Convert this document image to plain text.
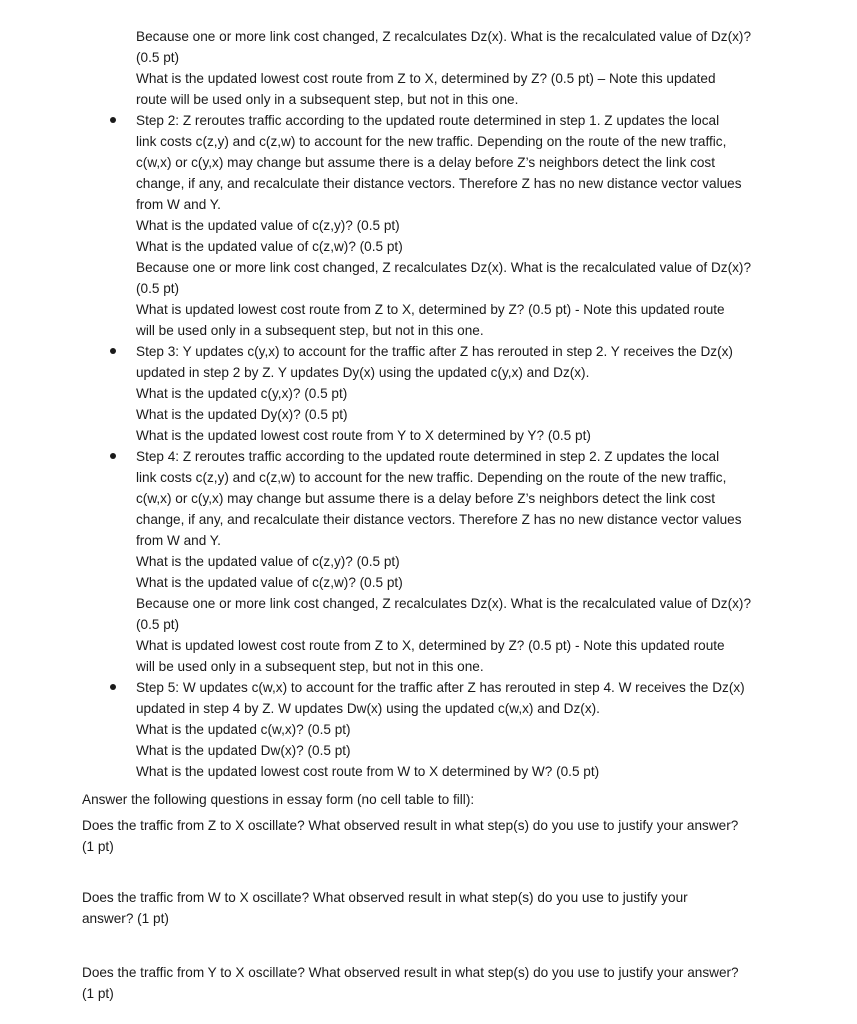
Because one or more link cost changed, Z recalculates Dz(x). What is the recalculated value of Dz(x)?

(0.5 pt)

What is the updated lowest cost route from Z to X, determined by Z? (0.5 pt) – Note this updated

route will be used only in a subsequent step, but not in this one.

Step 2: Z reroutes traffic according to the updated route determined in step 1. Z updates the local

link costs c(z,y) and c(z,w) to account for the new traffic. Depending on the route of the new traffic,

c(w,x) or c(y,x) may change but assume there is a delay before Z’s neighbors detect the link cost

change, if any, and recalculate their distance vectors. Therefore Z has no new distance vector values

from W and Y.

What is the updated value of c(z,y)? (0.5 pt)

What is the updated value of c(z,w)? (0.5 pt)

Because one or more link cost changed, Z recalculates Dz(x). What is the recalculated value of Dz(x)?

(0.5 pt)

What is updated lowest cost route from Z to X, determined by Z? (0.5 pt) - Note this updated route

will be used only in a subsequent step, but not in this one.

Step 3: Y updates c(y,x) to account for the traffic after Z has rerouted in step 2. Y receives the Dz(x)

updated in step 2 by Z. Y updates Dy(x) using the updated c(y,x) and Dz(x).

What is the updated c(y,x)? (0.5 pt)

What is the updated Dy(x)? (0.5 pt)

What is the updated lowest cost route from Y to X determined by Y? (0.5 pt)

Step 4: Z reroutes traffic according to the updated route determined in step 2. Z updates the local

link costs c(z,y) and c(z,w) to account for the new traffic. Depending on the route of the new traffic,

c(w,x) or c(y,x) may change but assume there is a delay before Z’s neighbors detect the link cost

change, if any, and recalculate their distance vectors. Therefore Z has no new distance vector values

from W and Y.

What is the updated value of c(z,y)? (0.5 pt)

What is the updated value of c(z,w)? (0.5 pt)

Because one or more link cost changed, Z recalculates Dz(x). What is the recalculated value of Dz(x)?

(0.5 pt)

What is updated lowest cost route from Z to X, determined by Z? (0.5 pt) - Note this updated route

will be used only in a subsequent step, but not in this one.

Step 5: W updates c(w,x) to account for the traffic after Z has rerouted in step 4. W receives the Dz(x)

updated in step 4 by Z. W updates Dw(x) using the updated c(w,x) and Dz(x).

What is the updated c(w,x)? (0.5 pt)

What is the updated Dw(x)? (0.5 pt)

What is the updated lowest cost route from W to X determined by W? (0.5 pt)

Answer the following questions in essay form (no cell table to fill):

Does the traffic from Z to X oscillate? What observed result in what step(s) do you use to justify your answer?

(1 pt)

Does the traffic from W to X oscillate? What observed result in what step(s) do you use to justify your

answer? (1 pt)

Does the traffic from Y to X oscillate? What observed result in what step(s) do you use to justify your answer?

(1 pt)
